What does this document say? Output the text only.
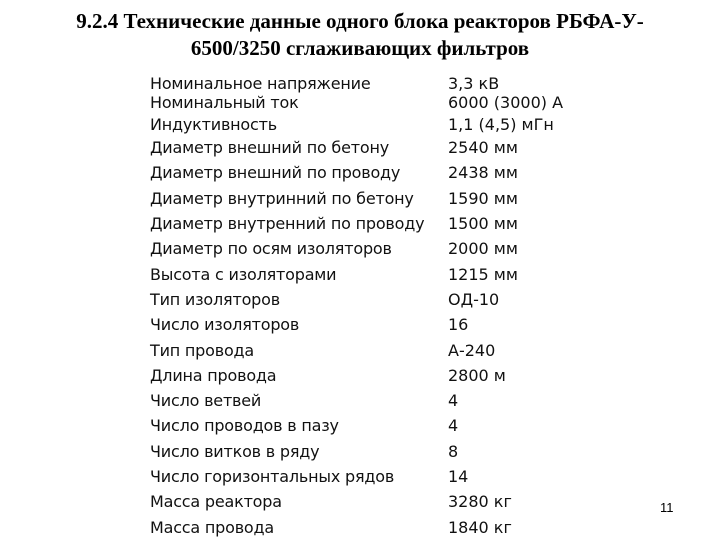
9.2.4 Технические данные одного блока реакторов РБФА-У-
6500/3250 сглаживающих фильтров
Номинальное напряжение	3,3 кВ
Номинальный ток	6000 (3000) А
Индуктивность	1,1 (4,5) мГн
Диаметр внешний по бетону	2540 мм
Диаметр внешний по проводу	2438 мм
Диаметр внутринний по бетону	1590 мм
Диаметр внутренний по проводу	1500 мм
Диаметр по осям изоляторов	2000 мм
Высота с изоляторами	1215 мм
Тип изоляторов	ОД-10
Число изоляторов	16
Тип провода	А-240
Длина провода	2800 м
Число ветвей	4
Число проводов в пазу	4
Число витков в ряду	8
Число горизонтальных рядов	14
Масса реактора	3280 кг
Масса провода	1840 кг
11
